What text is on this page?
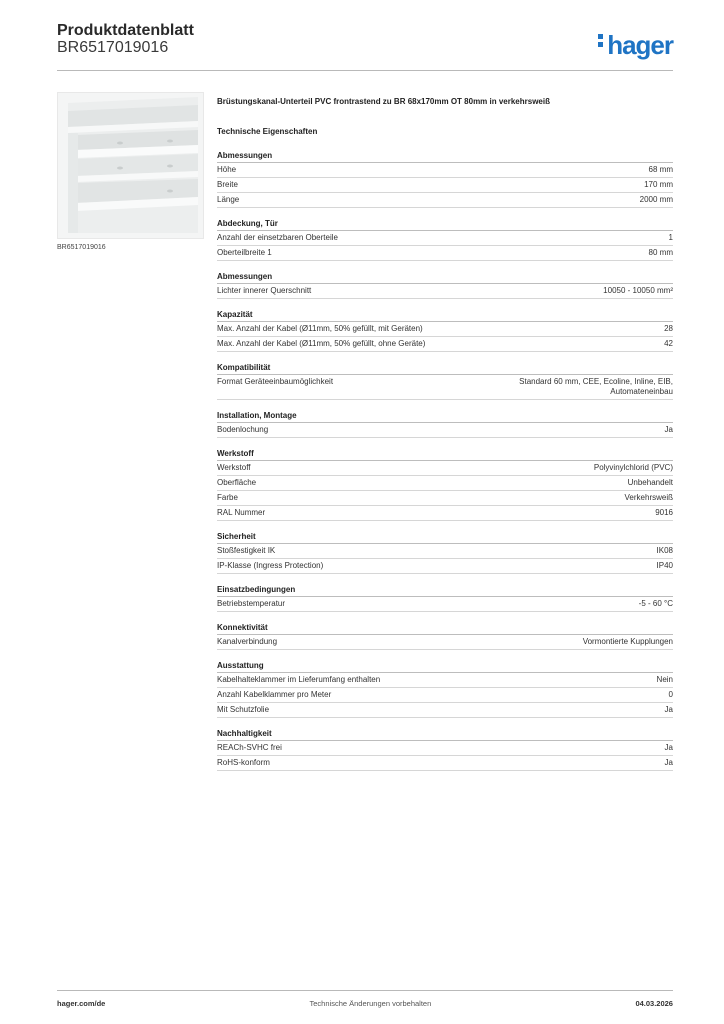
Produktdatenblatt
BR6517019016	hager
BR6517019016
Brüstungskanal-Unterteil PVC frontrastend zu BR 68x170mm OT 80mm in verkehrsweiß
Technische Eigenschaften
Abmessungen
Höhe	68 mm
Breite	170 mm
Länge	2000 mm
Abdeckung, Tür
Anzahl der einsetzbaren Oberteile	1
Oberteilbreite 1	80 mm
Abmessungen
Lichter innerer Querschnitt	10050 - 10050 mm²
Kapazität
Max. Anzahl der Kabel (Ø11mm, 50% gefüllt, mit Geräten)	28
Max. Anzahl der Kabel (Ø11mm, 50% gefüllt, ohne Geräte)	42
Kompatibilität
Format Geräteeinbaumöglichkeit	Standard 60 mm, CEE, Ecoline, Inline, EIB, Automateneinbau
Installation, Montage
Bodenlochung	Ja
Werkstoff
Werkstoff	Polyvinylchlorid (PVC)
Oberfläche	Unbehandelt
Farbe	Verkehrsweiß
RAL Nummer	9016
Sicherheit
Stoßfestigkeit IK	IK08
IP-Klasse (Ingress Protection)	IP40
Einsatzbedingungen
Betriebstemperatur	-5 - 60 °C
Konnektivität
Kanalverbindung	Vormontierte Kupplungen
Ausstattung
Kabelhalteklammer im Lieferumfang enthalten	Nein
Anzahl Kabelklammer pro Meter	0
Mit Schutzfolie	Ja
Nachhaltigkeit
REACh-SVHC frei	Ja
RoHS-konform	Ja
hager.com/de	Technische Änderungen vorbehalten	04.03.2026
